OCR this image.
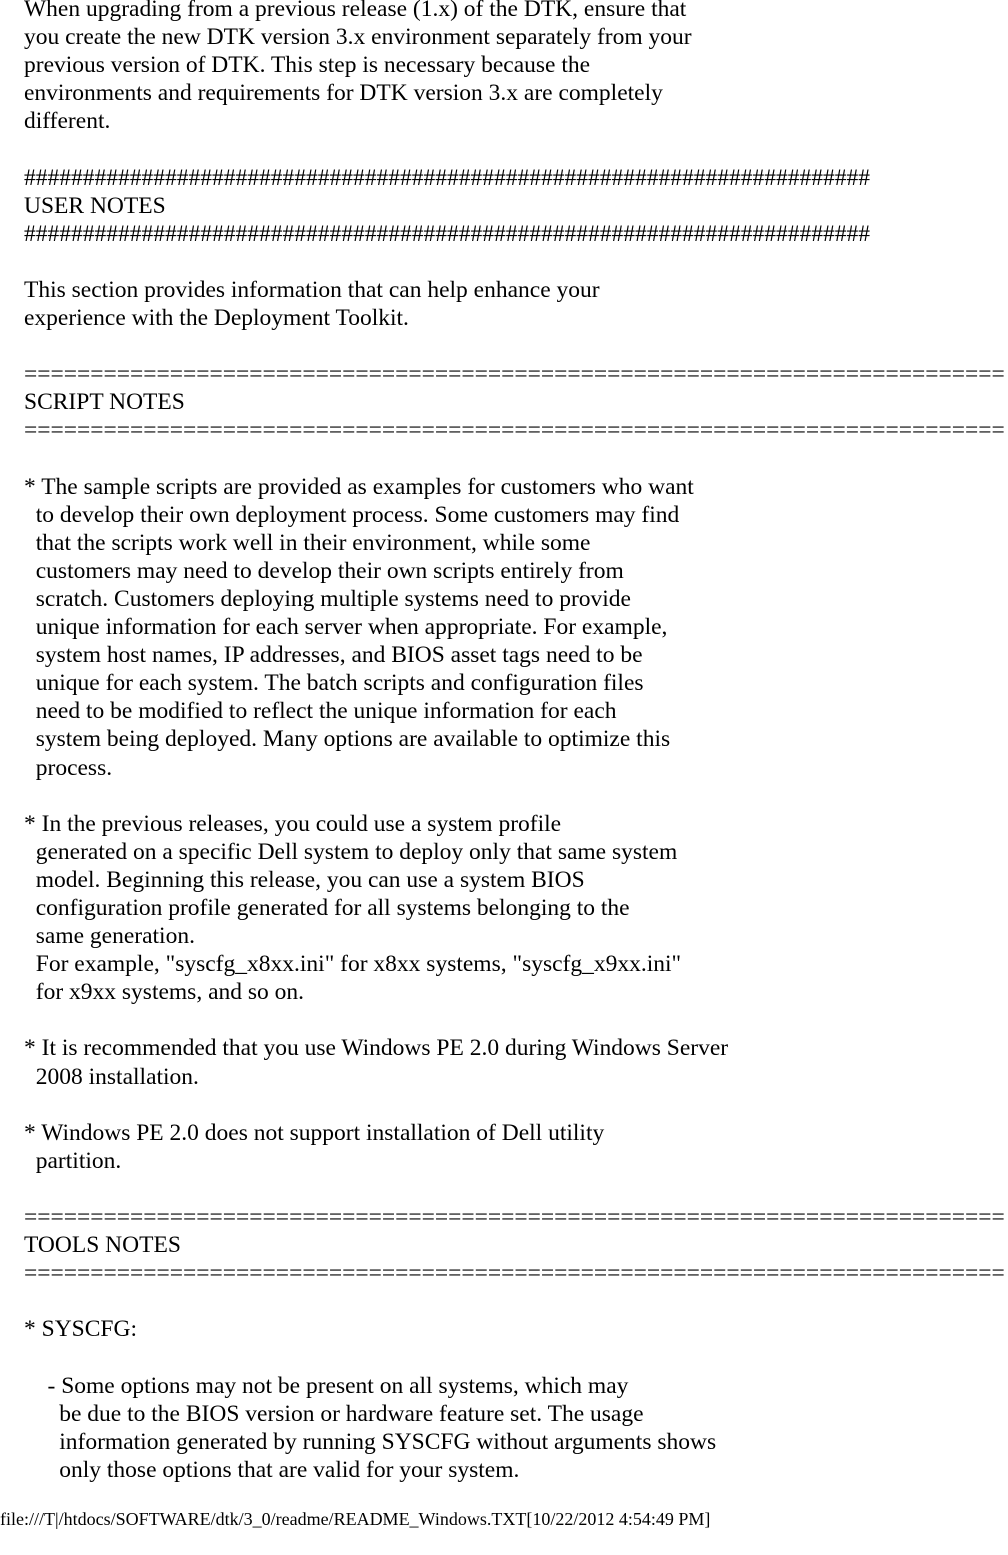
When upgrading from a previous release (1.x) of the DTK, ensure that
you create the new DTK version 3.x environment separately from your
previous version of DTK. This step is necessary because the
environments and requirements for DTK version 3.x are completely
different.

########################################################################
USER NOTES
########################################################################

This section provides information that can help enhance your
experience with the Deployment Toolkit.

==========================================================================
SCRIPT NOTES
==========================================================================

* The sample scripts are provided as examples for customers who want
to develop their own deployment process. Some customers may find
that the scripts work well in their environment, while some
customers may need to develop their own scripts entirely from
scratch. Customers deploying multiple systems need to provide
unique information for each server when appropriate. For example,
system host names, IP addresses, and BIOS asset tags need to be
unique for each system. The batch scripts and configuration files
need to be modified to reflect the unique information for each
system being deployed. Many options are available to optimize this
process.

* In the previous releases, you could use a system profile
generated on a specific Dell system to deploy only that same system
model. Beginning this release, you can use a system BIOS
configuration profile generated for all systems belonging to the
same generation.
For example, "syscfg_x8xx.ini" for x8xx systems, "syscfg_x9xx.ini"
for x9xx systems, and so on.

* It is recommended that you use Windows PE 2.0 during Windows Server
2008 installation.

* Windows PE 2.0 does not support installation of Dell utility
partition.

==========================================================================
TOOLS NOTES
==========================================================================

* SYSCFG:

- Some options may not be present on all systems, which may
be due to the BIOS version or hardware feature set. The usage
information generated by running SYSCFG without arguments shows
only those options that are valid for your system.
file:///T|/htdocs/SOFTWARE/dtk/3_0/readme/README_Windows.TXT[10/22/2012 4:54:49 PM]
